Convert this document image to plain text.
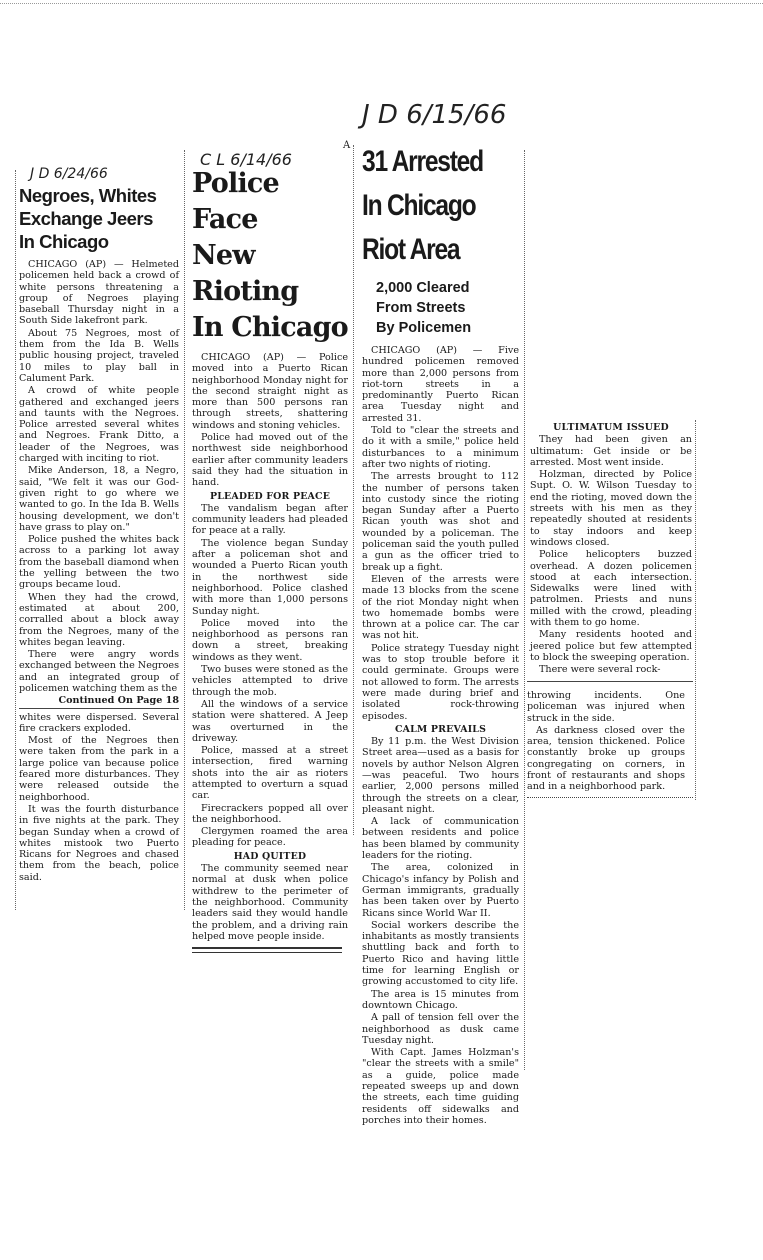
J D 6/24/66
C L 6/14/66
J D 6/15/66
A
Negroes, Whites
Exchange Jeers
In Chicago

CHICAGO (AP) — Helmeted policemen held back a crowd of white persons threatening a group of Negroes playing baseball Thursday night in a South Side lakefront park.

About 75 Negroes, most of them from the Ida B. Wells public housing project, traveled 10 miles to play ball in Calument Park.

A crowd of white people gathered and exchanged jeers and taunts with the Negroes. Police arrested several whites and Negroes. Frank Ditto, a leader of the Negroes, was charged with inciting to riot.

Mike Anderson, 18, a Negro, said, "We felt it was our God-given right to go where we wanted to go. In the Ida B. Wells housing development, we don't have grass to play on."

Police pushed the whites back across to a parking lot away from the baseball diamond when the yelling between the two groups became loud.

When they had the crowd, estimated at about 200, corralled about a block away from the Negroes, many of the whites began leaving.

There were angry words exchanged between the Negroes and an integrated group of policemen watching them as the

Continued On Page 18

whites were dispersed. Several fire crackers exploded.

Most of the Negroes then were taken from the park in a large police van because police feared more disturbances. They were released outside the neighborhood.

It was the fourth disturbance in five nights at the park. They began Sunday when a crowd of whites mistook two Puerto Ricans for Negroes and chased them from the beach, police said.

Police Face
New Rioting
In Chicago

CHICAGO (AP) — Police moved into a Puerto Rican neighborhood Monday night for the second straight night as more than 500 persons ran through streets, shattering windows and stoning vehicles.

Police had moved out of the northwest side neighborhood earlier after community leaders said they had the situation in hand.

PLEADED FOR PEACE

The vandalism began after community leaders had pleaded for peace at a rally.

The violence began Sunday after a policeman shot and wounded a Puerto Rican youth in the northwest side neighborhood. Police clashed with more than 1,000 persons Sunday night.

Police moved into the neighborhood as persons ran down a street, breaking windows as they went.

Two buses were stoned as the vehicles attempted to drive through the mob.

All the windows of a service station were shattered. A Jeep was overturned in the driveway.

Police, massed at a street intersection, fired warning shots into the air as rioters attempted to overturn a squad car.

Firecrackers popped all over the neighborhood.

Clergymen roamed the area pleading for peace.

HAD QUITED

The community seemed near normal at dusk when police withdrew to the perimeter of the neighborhood. Community leaders said they would handle the problem, and a driving rain helped move people inside.

31 Arrested
In Chicago
Riot Area
2,000 Cleared
From Streets
By Policemen

CHICAGO (AP) — Five hundred policemen removed more than 2,000 persons from riot-torn streets in a predominantly Puerto Rican area Tuesday night and arrested 31.

Told to "clear the streets and do it with a smile," police held disturbances to a minimum after two nights of rioting.

The arrests brought to 112 the number of persons taken into custody since the rioting began Sunday after a Puerto Rican youth was shot and wounded by a policeman. The policeman said the youth pulled a gun as the officer tried to break up a fight.

Eleven of the arrests were made 13 blocks from the scene of the riot Monday night when two homemade bombs were thrown at a police car. The car was not hit.

Police strategy Tuesday night was to stop trouble before it could germinate. Groups were not allowed to form. The arrests were made during brief and isolated rock-throwing episodes.

CALM PREVAILS

By 11 p.m. the West Division Street area—used as a basis for novels by author Nelson Algren —was peaceful. Two hours earlier, 2,000 persons milled through the streets on a clear, pleasant night.

A lack of communication between residents and police has been blamed by community leaders for the rioting.

The area, colonized in Chicago's infancy by Polish and German immigrants, gradually has been taken over by Puerto Ricans since World War II.

Social workers describe the inhabitants as mostly transients shuttling back and forth to Puerto Rico and having little time for learning English or growing accustomed to city life.

The area is 15 minutes from downtown Chicago.

A pall of tension fell over the neighborhood as dusk came Tuesday night.

With Capt. James Holzman's "clear the streets with a smile" as a guide, police made repeated sweeps up and down the streets, each time guiding residents off sidewalks and porches into their homes.

ULTIMATUM ISSUED

They had been given an ultimatum: Get inside or be arrested. Most went inside.

Holzman, directed by Police Supt. O. W. Wilson Tuesday to end the rioting, moved down the streets with his men as they repeatedly shouted at residents to stay indoors and keep windows closed.

Police helicopters buzzed overhead. A dozen policemen stood at each intersection. Sidewalks were lined with patrolmen. Priests and nuns milled with the crowd, pleading with them to go home.

Many residents hooted and jeered police but few attempted to block the sweeping operation.

There were several rock-

throwing incidents. One policeman was injured when struck in the side.

As darkness closed over the area, tension thickened. Police constantly broke up groups congregating on corners, in front of restaurants and shops and in a neighborhood park.
